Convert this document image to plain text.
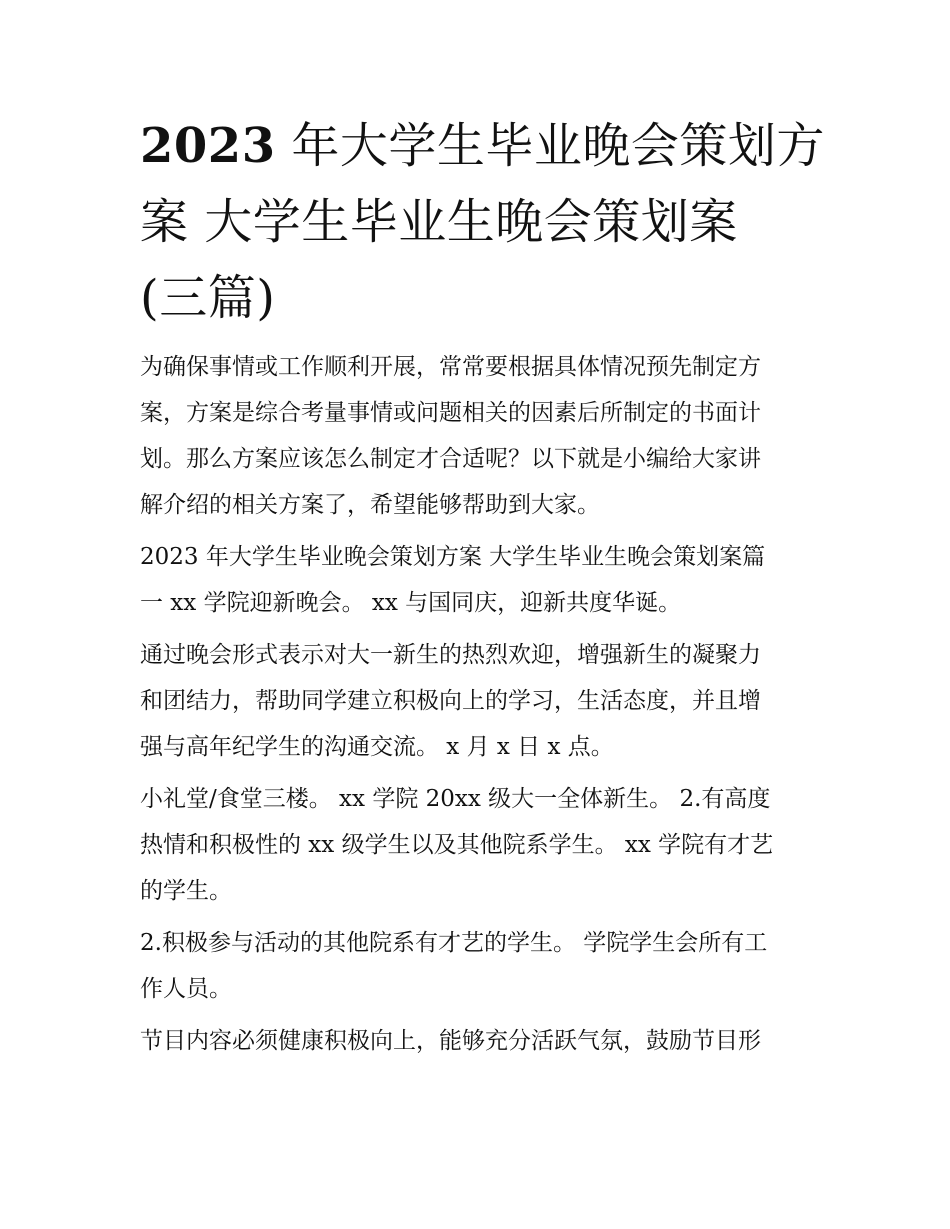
2023 年大学生毕业晚会策划方
案 大学生毕业生晚会策划案
(三篇)

为确保事情或工作顺利开展，常常要根据具体情况预先制定方
案，方案是综合考量事情或问题相关的因素后所制定的书面计
划。那么方案应该怎么制定才合适呢？以下就是小编给大家讲
解介绍的相关方案了，希望能够帮助到大家。

2023 年大学生毕业晚会策划方案 大学生毕业生晚会策划案篇
一 xx 学院迎新晚会。 xx 与国同庆，迎新共度华诞。

通过晚会形式表示对大一新生的热烈欢迎，增强新生的凝聚力
和团结力，帮助同学建立积极向上的学习，生活态度，并且增
强与高年纪学生的沟通交流。 x 月 x 日 x 点。

小礼堂/食堂三楼。 xx 学院 20xx 级大一全体新生。 2.有高度
热情和积极性的 xx 级学生以及其他院系学生。 xx 学院有才艺
的学生。

2.积极参与活动的其他院系有才艺的学生。 学院学生会所有工
作人员。

节目内容必须健康积极向上，能够充分活跃气氛，鼓励节目形
